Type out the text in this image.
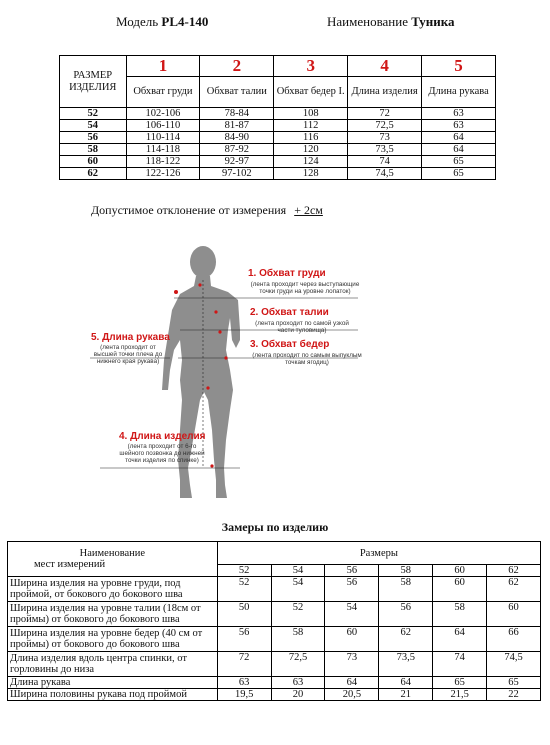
Модель PL4-140	Наименование Туника
РАЗМЕР ИЗДЕЛИЯ	1	2	3	4	5
	Обхват груди	Обхват талии	Обхват бедер I.	Длина изделия	Длина рукава
52	102-106	78-84	108	72	63
54	106-110	81-87	112	72,5	63
56	110-114	84-90	116	73	64
58	114-118	87-92	120	73,5	64
60	118-122	92-97	124	74	65
62	122-126	97-102	128	74,5	65
Допустимое отклонение от измерения + 2см
1. Обхват груди
(лента проходит через выступающие
точки груди на уровне лопаток)
2. Обхват талии
(лента проходит по самой узкой
части туловища)
3. Обхват бедер
(лента проходит по самым выпуклым
точкам ягодиц)
5. Длина рукава
(лента проходит от
высшей точки плеча до
нижнего края рукава)
4. Длина изделия
(лента проходит от 6-го
шейного позвонка до нижней
точки изделия по спинке)
Замеры по изделию
Наименование
мест измерений	Размеры					
	52	54	56	58	60	62
Ширина изделия на уровне груди, под проймой, от бокового до бокового шва	52	54	56	58	60	62
Ширина изделия на уровне талии (18см от проймы) от бокового до бокового шва	50	52	54	56	58	60
Ширина изделия на уровне бедер (40 см от проймы) от бокового до бокового шва	56	58	60	62	64	66
Длина изделия вдоль центра спинки, от горловины до низа	72	72,5	73	73,5	74	74,5
Длина рукава	63	63	64	64	65	65
Ширина половины рукава под проймой	19,5	20	20,5	21	21,5	22
